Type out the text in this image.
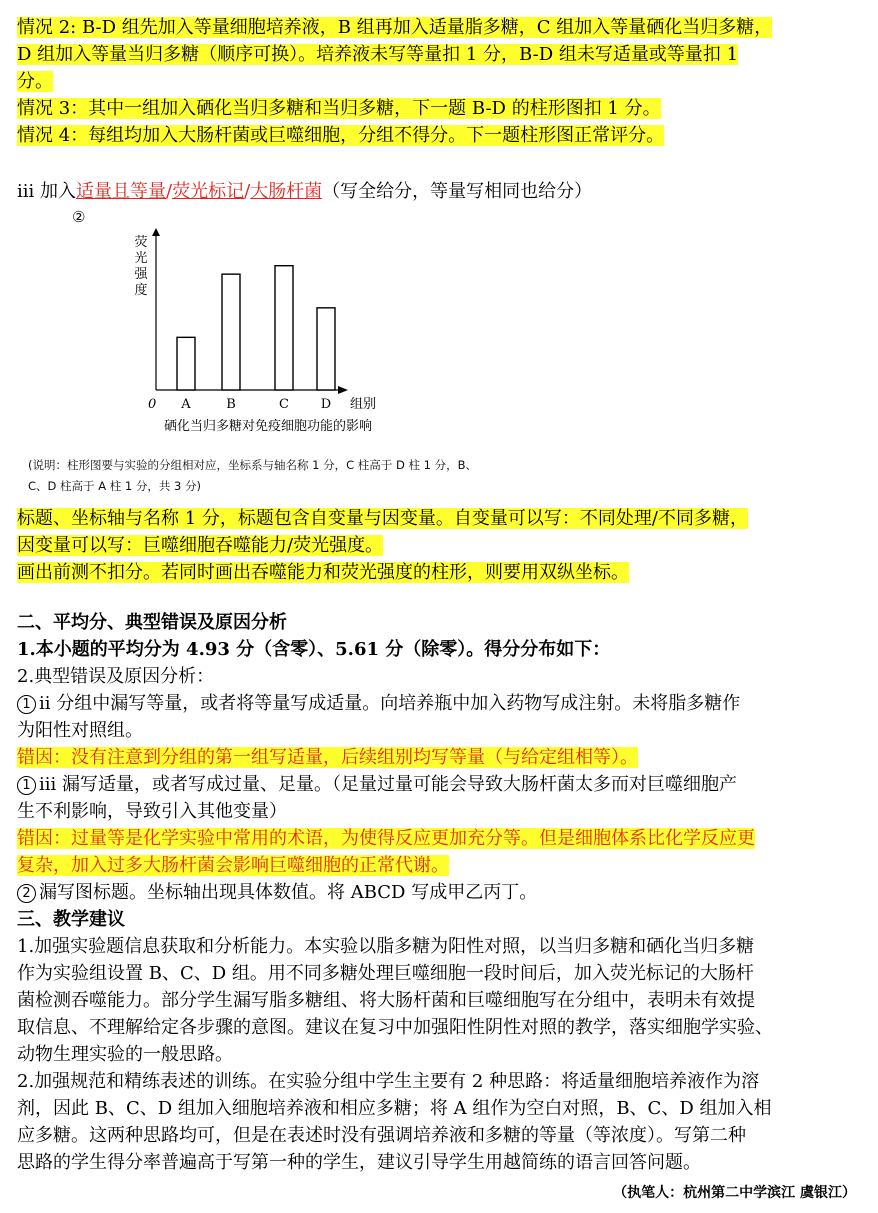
情况 2: B-D 组先加入等量细胞培养液，B 组再加入适量脂多糖，C 组加入等量硒化当归多糖，
D 组加入等量当归多糖（顺序可换）。培养液未写等量扣 1 分，B-D 组未写适量或等量扣 1
分。
情况 3：其中一组加入硒化当归多糖和当归多糖，下一题 B-D 的柱形图扣 1 分。
情况 4：每组均加入大肠杆菌或巨噬细胞，分组不得分。下一题柱形图正常评分。
iii 加入适量且等量/荧光标记/大肠杆菌（写全给分，等量写相同也给分）
②
荧光强度
0 A	B	C D 组别
硒化当归多糖对免疫细胞功能的影响
(说明：柱形图要与实验的分组相对应，坐标系与轴名称 1 分，C 柱高于 D 柱 1 分，B、
C、D 柱高于 A 柱 1 分，共 3 分)
标题、坐标轴与名称 1 分，标题包含自变量与因变量。自变量可以写：不同处理/不同多糖，
因变量可以写：巨噬细胞吞噬能力/荧光强度。
画出前测不扣分。若同时画出吞噬能力和荧光强度的柱形，则要用双纵坐标。
二、平均分、典型错误及原因分析
1.本小题的平均分为 4.93 分（含零）、5.61 分（除零）。得分分布如下：
2.典型错误及原因分析：
1 ii 分组中漏写等量，或者将等量写成适量。向培养瓶中加入药物写成注射。未将脂多糖作
为阳性对照组。
错因：没有注意到分组的第一组写适量，后续组别均写等量（与给定组相等）。
1 iii 漏写适量，或者写成过量、足量。（足量过量可能会导致大肠杆菌太多而对巨噬细胞产
生不利影响，导致引入其他变量）
错因：过量等是化学实验中常用的术语，为使得反应更加充分等。但是细胞体系比化学反应更
复杂，加入过多大肠杆菌会影响巨噬细胞的正常代谢。
2 漏写图标题。坐标轴出现具体数值。将 ABCD 写成甲乙丙丁。
三、教学建议
1.加强实验题信息获取和分析能力。本实验以脂多糖为阳性对照，以当归多糖和硒化当归多糖
作为实验组设置 B、C、D 组。用不同多糖处理巨噬细胞一段时间后，加入荧光标记的大肠杆
菌检测吞噬能力。部分学生漏写脂多糖组、将大肠杆菌和巨噬细胞写在分组中，表明未有效提
取信息、不理解给定各步骤的意图。建议在复习中加强阳性阴性对照的教学，落实细胞学实验、
动物生理实验的一般思路。
2.加强规范和精练表述的训练。在实验分组中学生主要有 2 种思路：将适量细胞培养液作为溶
剂，因此 B、C、D 组加入细胞培养液和相应多糖；将 A 组作为空白对照，B、C、D 组加入相
应多糖。这两种思路均可，但是在表述时没有强调培养液和多糖的等量（等浓度）。写第二种
思路的学生得分率普遍高于写第一种的学生，建议引导学生用越简练的语言回答问题。
（执笔人：杭州第二中学滨江 虞银江）
